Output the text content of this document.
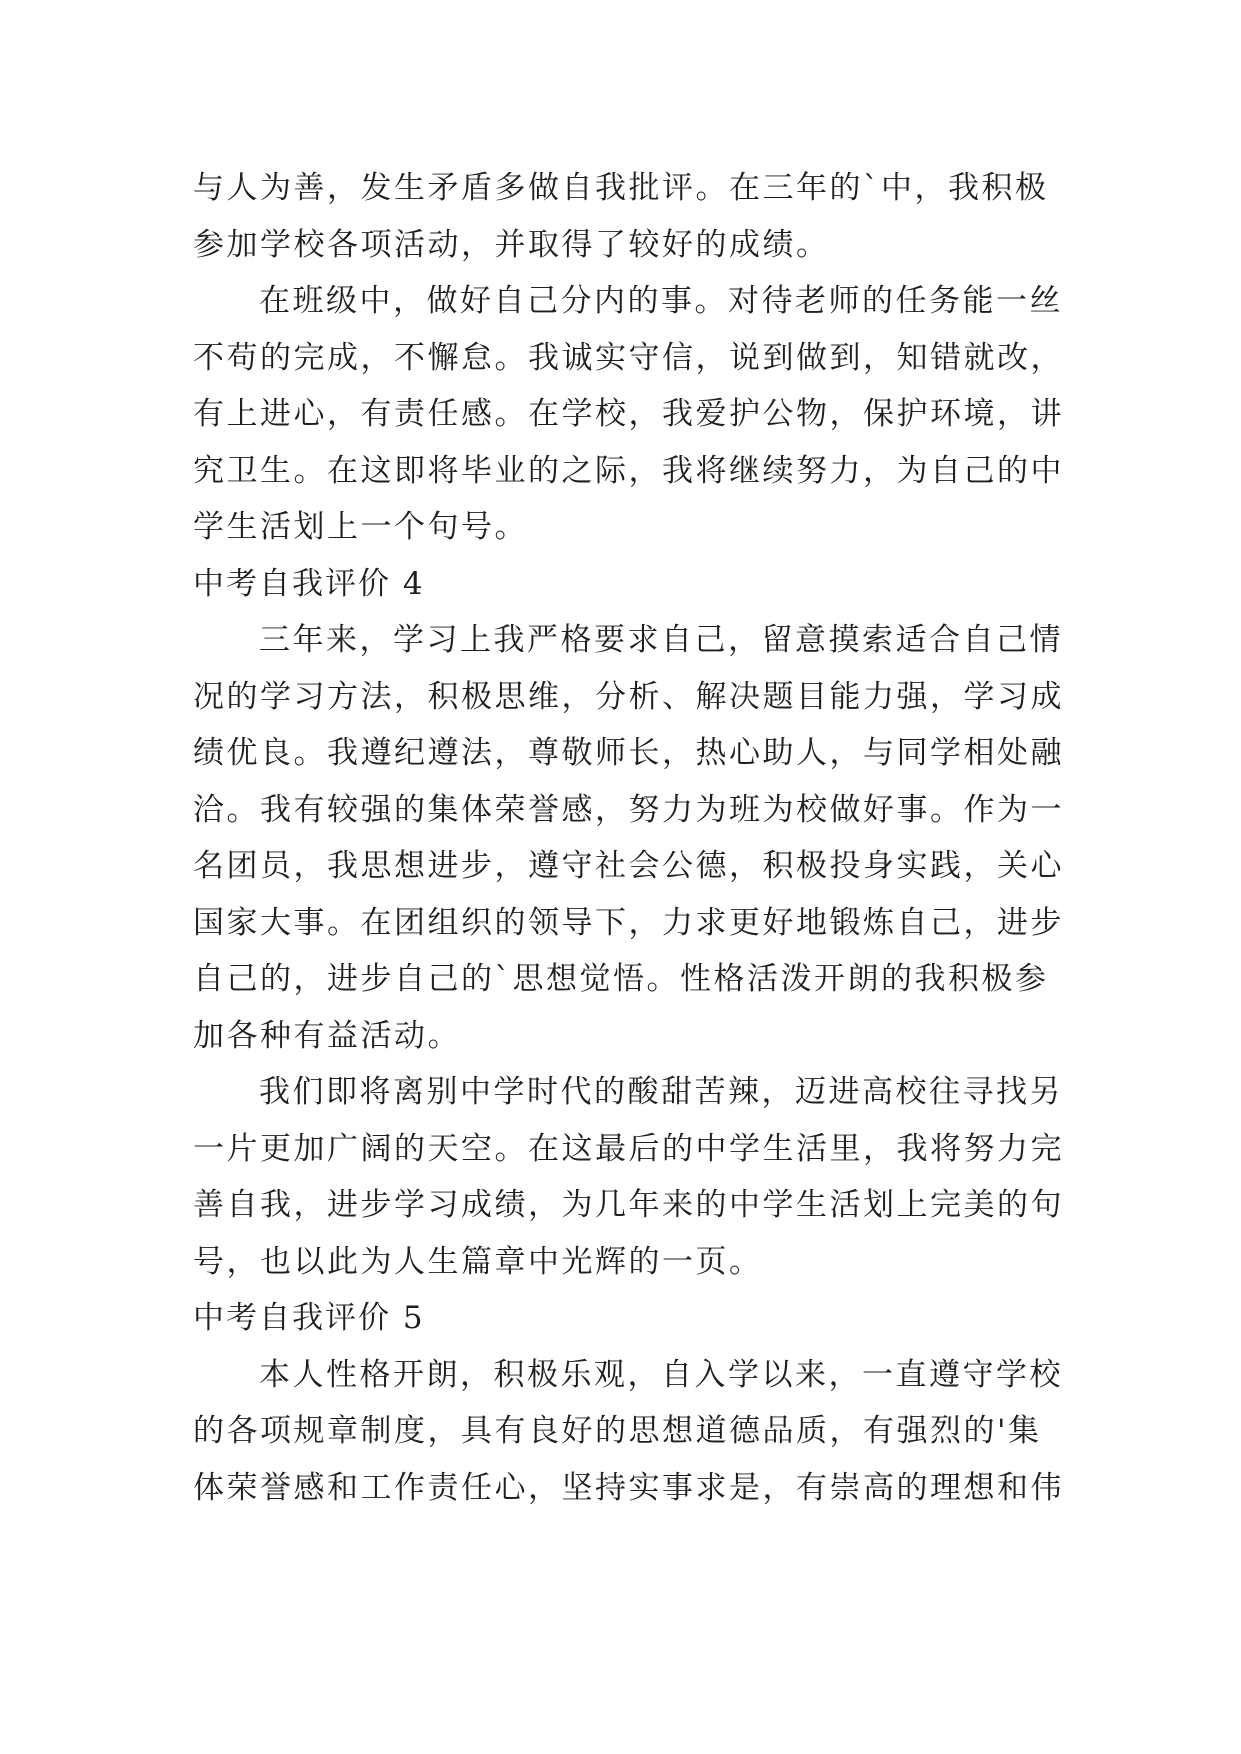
与人为善，发生矛盾多做自我批评。在三年的`中，我积极
参加学校各项活动，并取得了较好的成绩。
在班级中，做好自己分内的事。对待老师的任务能一丝
不苟的完成，不懈怠。我诚实守信，说到做到，知错就改，
有上进心，有责任感。在学校，我爱护公物，保护环境，讲
究卫生。在这即将毕业的之际，我将继续努力，为自己的中
学生活划上一个句号。
中考自我评价 4
三年来，学习上我严格要求自己，留意摸索适合自己情
况的学习方法，积极思维，分析、解决题目能力强，学习成
绩优良。我遵纪遵法，尊敬师长，热心助人，与同学相处融
洽。我有较强的集体荣誉感，努力为班为校做好事。作为一
名团员，我思想进步，遵守社会公德，积极投身实践，关心
国家大事。在团组织的领导下，力求更好地锻炼自己，进步
自己的，进步自己的`思想觉悟。性格活泼开朗的我积极参
加各种有益活动。
我们即将离别中学时代的酸甜苦辣，迈进高校往寻找另
一片更加广阔的天空。在这最后的中学生活里，我将努力完
善自我，进步学习成绩，为几年来的中学生活划上完美的句
号，也以此为人生篇章中光辉的一页。
中考自我评价 5
本人性格开朗，积极乐观，自入学以来，一直遵守学校
的各项规章制度，具有良好的思想道德品质，有强烈的'集
体荣誉感和工作责任心，坚持实事求是，有崇高的理想和伟
